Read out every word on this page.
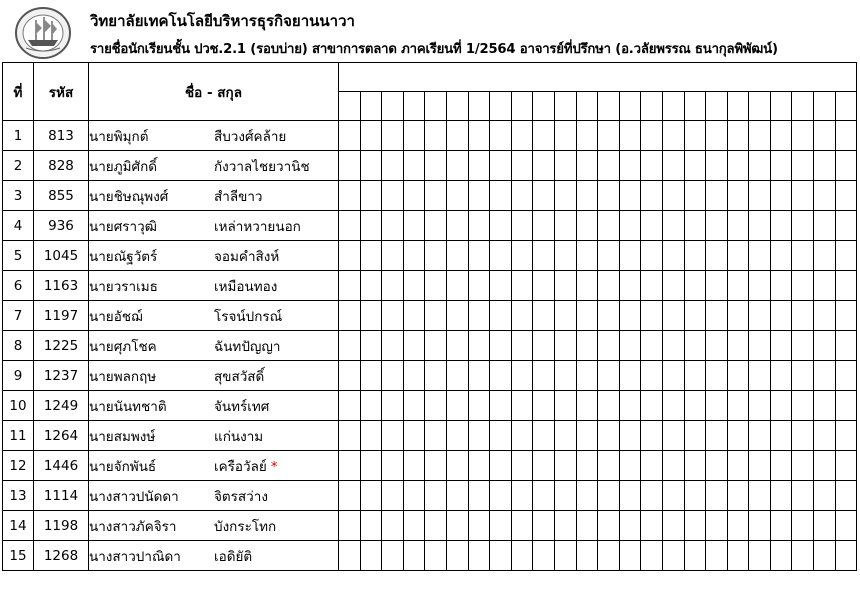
วิทยาลัยเทคโนโลยีบริหารธุรกิจยานนาวา
รายชื่อนักเรียนชั้น ปวช.2.1 (รอบบ่าย) สาขาการตลาด ภาคเรียนที่ 1/2564 อาจารย์ที่ปรึกษา (อ.วลัยพรรณ ธนากุลพิพัฒน์)
ที่	รหัส	ชื่อ - สกุล																								

1	813	นายพิมุกต์ สืบวงศ์คล้าย																								
2	828	นายภูมิศักดิ์ กังวาลไชยวานิช																								
3	855	นายชิษณุพงศ์ สำลีขาว																								
4	936	นายศราวุฒิ เหล่าหวายนอก																								
5	1045	นายณัฐวัตร์ จอมคำสิงห์																								
6	1163	นายวราเมธ เหมือนทอง																								
7	1197	นายอัชฌ์ โรจน์ปกรณ์																								
8	1225	นายศุภโชค ฉันทปัญญา																								
9	1237	นายพลกฤษ สุขสวัสดิ์																								
10	1249	นายนันทชาติ จันทร์เทศ																								
11	1264	นายสมพงษ์ แก่นงาม																								
12	1446	นายจักพันธ์ เครือวัลย์ *																								
13	1114	นางสาวปนัดดา จิตรสว่าง																								
14	1198	นางสาวภัคจิรา บังกระโทก																								
15	1268	นางสาวปาณิดา เอดิยัติ																								
